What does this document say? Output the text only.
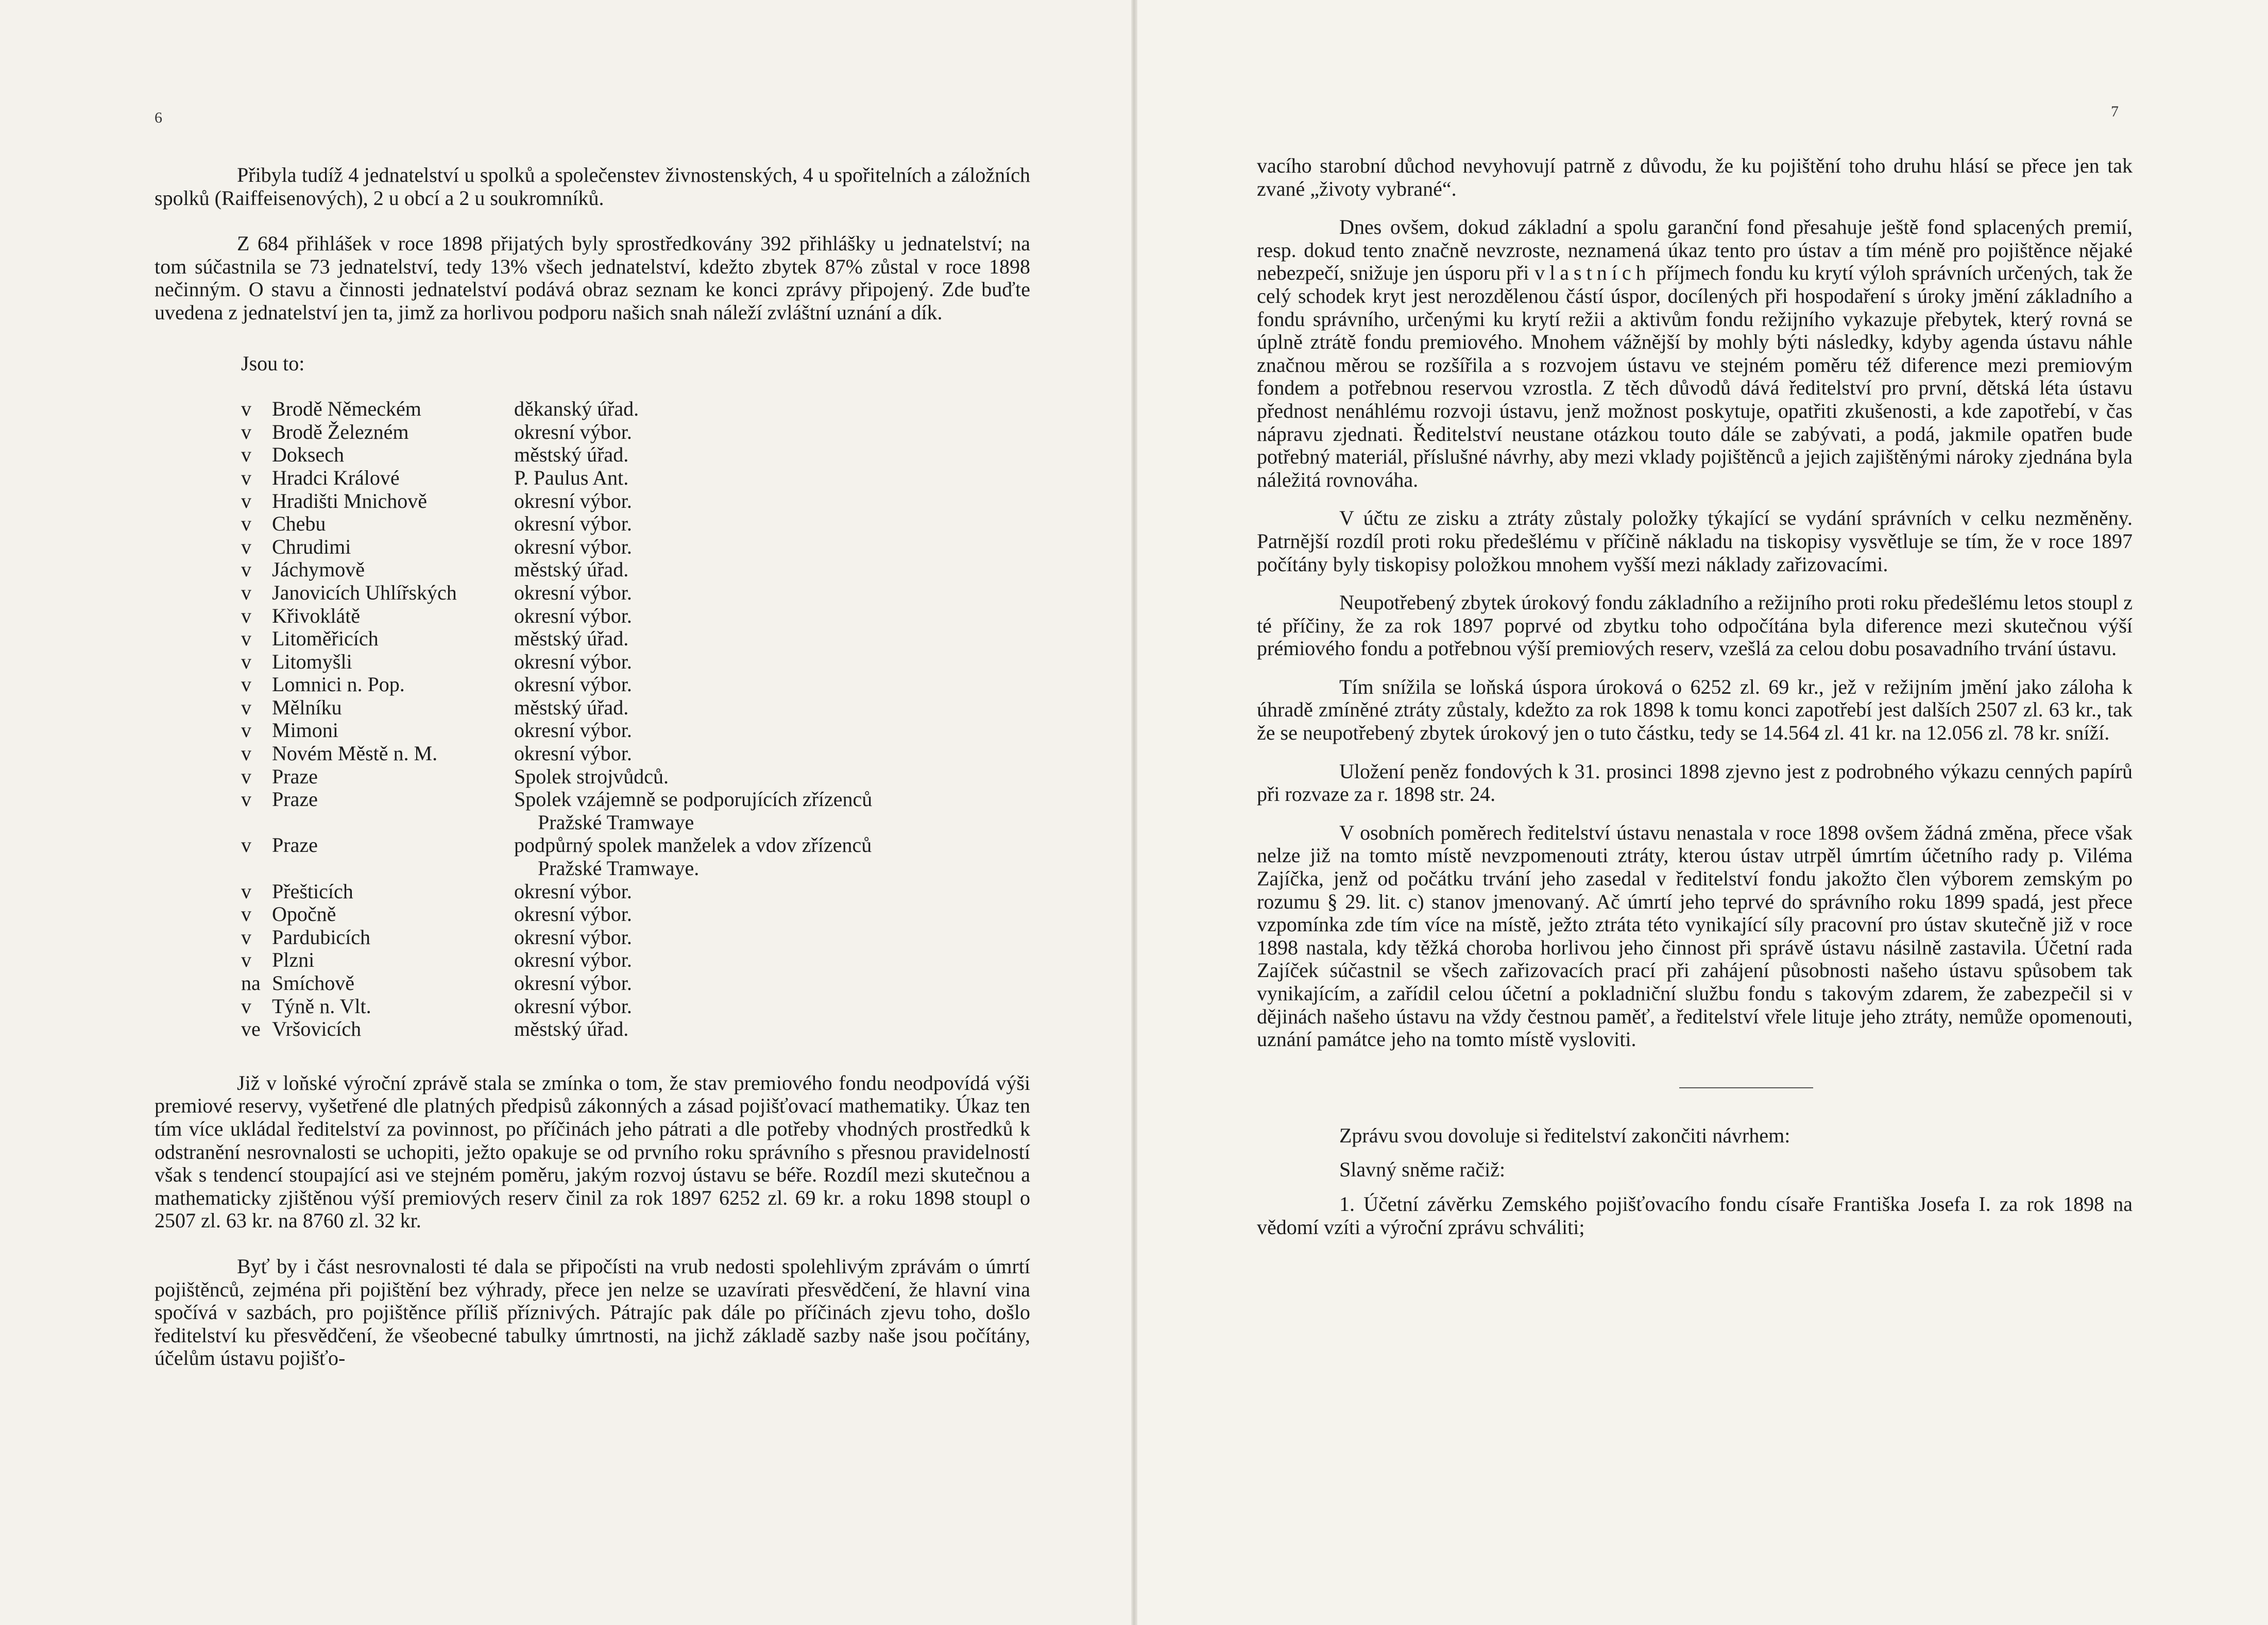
6	7

Přibyla tudíž 4 jednatelství u spolků a společenstev živnostenských, 4 u spořitelních a záložních spolků (Raiffeisenových), 2 u obcí a 2 u soukromníků.

Z 684 přihlášek v roce 1898 přijatých byly sprostředkovány 392 přihlášky u jednatelství; na tom súčastnila se 73 jednatelství, tedy 13% všech jednatelství, kdežto zbytek 87% zůstal v roce 1898 nečinným. O stavu a činnosti jednatelství podává obraz seznam ke konci zprávy připojený. Zde buďte uvedena z jednatelství jen ta, jimž za horlivou podporu našich snah náleží zvláštní uznání a dík.

Jsou to:
v	Brodě Německém	děkanský úřad.
v	Brodě Železném	okresní výbor.
v	Doksech	městský úřad.
v	Hradci Králové	P. Paulus Ant.
v	Hradišti Mnichově	okresní výbor.
v	Chebu	okresní výbor.
v	Chrudimi	okresní výbor.
v	Jáchymově	městský úřad.
v	Janovicích Uhlířských	okresní výbor.
v	Křivoklátě	okresní výbor.
v	Litoměřicích	městský úřad.
v	Litomyšli	okresní výbor.
v	Lomnici n. Pop.	okresní výbor.
v	Mělníku	městský úřad.
v	Mimoni	okresní výbor.
v	Novém Městě n. M.	okresní výbor.
v	Praze	Spolek strojvůdců.
v	Praze	Spolek vzájemně se podporujících zřízenců
Pražské Tramwaye
v	Praze	podpůrný spolek manželek a vdov zřízenců
Pražské Tramwaye.
v	Přešticích	okresní výbor.
v	Opočně	okresní výbor.
v	Pardubicích	okresní výbor.
v	Plzni	okresní výbor.
na Smíchově	okresní výbor.
v	Týně n. Vlt.	okresní výbor.
ve Vršovicích	městský úřad.

Již v loňské výroční zprávě stala se zmínka o tom, že stav premiového fondu neodpovídá výši premiové reservy, vyšetřené dle platných předpisů zákonných a zásad pojišťovací mathematiky. Úkaz ten tím více ukládal ředitelství za povinnost, po příčinách jeho pátrati a dle potřeby vhodných prostředků k odstranění nesrovnalosti se uchopiti, ježto opakuje se od prvního roku správního s přesnou pravidelností však s tendencí stoupající asi ve stejném poměru, jakým rozvoj ústavu se béře. Rozdíl mezi skutečnou a mathematicky zjištěnou výší premiových reserv činil za rok 1897 6252 zl. 69 kr. a roku 1898 stoupl o 2507 zl. 63 kr. na 8760 zl. 32 kr.

Byť by i část nesrovnalosti té dala se připočísti na vrub nedosti spolehlivým zprávám o úmrtí pojištěnců, zejména při pojištění bez výhrady, přece jen nelze se uzavírati přesvědčení, že hlavní vina spočívá v sazbách, pro pojištěnce příliš příznivých. Pátrajíc pak dále po příčinách zjevu toho, došlo ředitelství ku přesvědčení, že všeobecné tabulky úmrtnosti, na jichž základě sazby naše jsou počítány, účelům ústavu pojišťo-

vacího starobní důchod nevyhovují patrně z důvodu, že ku pojištění toho druhu hlásí se přece jen tak zvané „životy vybrané“.

Dnes ovšem, dokud základní a spolu garanční fond přesahuje ještě fond splacených premií, resp. dokud tento značně nevzroste, neznamená úkaz tento pro ústav a tím méně pro pojištěnce nějaké nebezpečí, snižuje jen úsporu při vlastních příjmech fondu ku krytí výloh správních určených, tak že celý schodek kryt jest nerozdělenou částí úspor, docílených při hospodaření s úroky jmění základního a fondu správního, určenými ku krytí režii a aktivům fondu režijního vykazuje přebytek, který rovná se úplně ztrátě fondu premiového. Mnohem vážnější by mohly býti následky, kdyby agenda ústavu náhle značnou měrou se rozšířila a s rozvojem ústavu ve stejném poměru též diference mezi premiovým fondem a potřebnou reservou vzrostla. Z těch důvodů dává ředitelství pro první, dětská léta ústavu přednost nenáhlému rozvoji ústavu, jenž možnost poskytuje, opatřiti zkušenosti, a kde zapotřebí, v čas nápravu zjednati. Ředitelství neustane otázkou touto dále se zabývati, a podá, jakmile opatřen bude potřebný materiál, příslušné návrhy, aby mezi vklady pojištěnců a jejich zajištěnými nároky zjednána byla náležitá rovnováha.

V účtu ze zisku a ztráty zůstaly položky týkající se vydání správních v celku nezměněny. Patrnější rozdíl proti roku předešlému v příčině nákladu na tiskopisy vysvětluje se tím, že v roce 1897 počítány byly tiskopisy položkou mnohem vyšší mezi náklady zařizovacími.

Neupotřebený zbytek úrokový fondu základního a režijního proti roku předešlému letos stoupl z té příčiny, že za rok 1897 poprvé od zbytku toho odpočítána byla diference mezi skutečnou výší prémiového fondu a potřebnou výší premiových reserv, vzešlá za celou dobu posavadního trvání ústavu.

Tím snížila se loňská úspora úroková o 6252 zl. 69 kr., jež v režijním jmění jako záloha k úhradě zmíněné ztráty zůstaly, kdežto za rok 1898 k tomu konci zapotřebí jest dalších 2507 zl. 63 kr., tak že se neupotřebený zbytek úrokový jen o tuto částku, tedy se 14.564 zl. 41 kr. na 12.056 zl. 78 kr. sníží.

Uložení peněz fondových k 31. prosinci 1898 zjevno jest z podrobného výkazu cenných papírů při rozvaze za r. 1898 str. 24.

V osobních poměrech ředitelství ústavu nenastala v roce 1898 ovšem žádná změna, přece však nelze již na tomto místě nevzpomenouti ztráty, kterou ústav utrpěl úmrtím účetního rady p. Viléma Zajíčka, jenž od počátku trvání jeho zasedal v ředitelství fondu jakožto člen výborem zemským po rozumu § 29. lit. c) stanov jmenovaný. Ač úmrtí jeho teprvé do správního roku 1899 spadá, jest přece vzpomínka zde tím více na místě, ježto ztráta této vynikající síly pracovní pro ústav skutečně již v roce 1898 nastala, kdy těžká choroba horlivou jeho činnost při správě ústavu násilně zastavila. Účetní rada Zajíček súčastnil se všech zařizovacích prací při zahájení působnosti našeho ústavu spůsobem tak vynikajícím, a zařídil celou účetní a pokladniční službu fondu s takovým zdarem, že zabezpečil si v dějinách našeho ústavu na vždy čestnou paměť, a ředitelství vřele lituje jeho ztráty, nemůže opomenouti, uznání památce jeho na tomto místě vysloviti.

Zprávu svou dovoluje si ředitelství zakončiti návrhem:

Slavný sněme račiž:

1. Účetní závěrku Zemského pojišťovacího fondu císaře Františka Josefa I. za rok 1898 na vědomí vzíti a výroční zprávu schváliti;
